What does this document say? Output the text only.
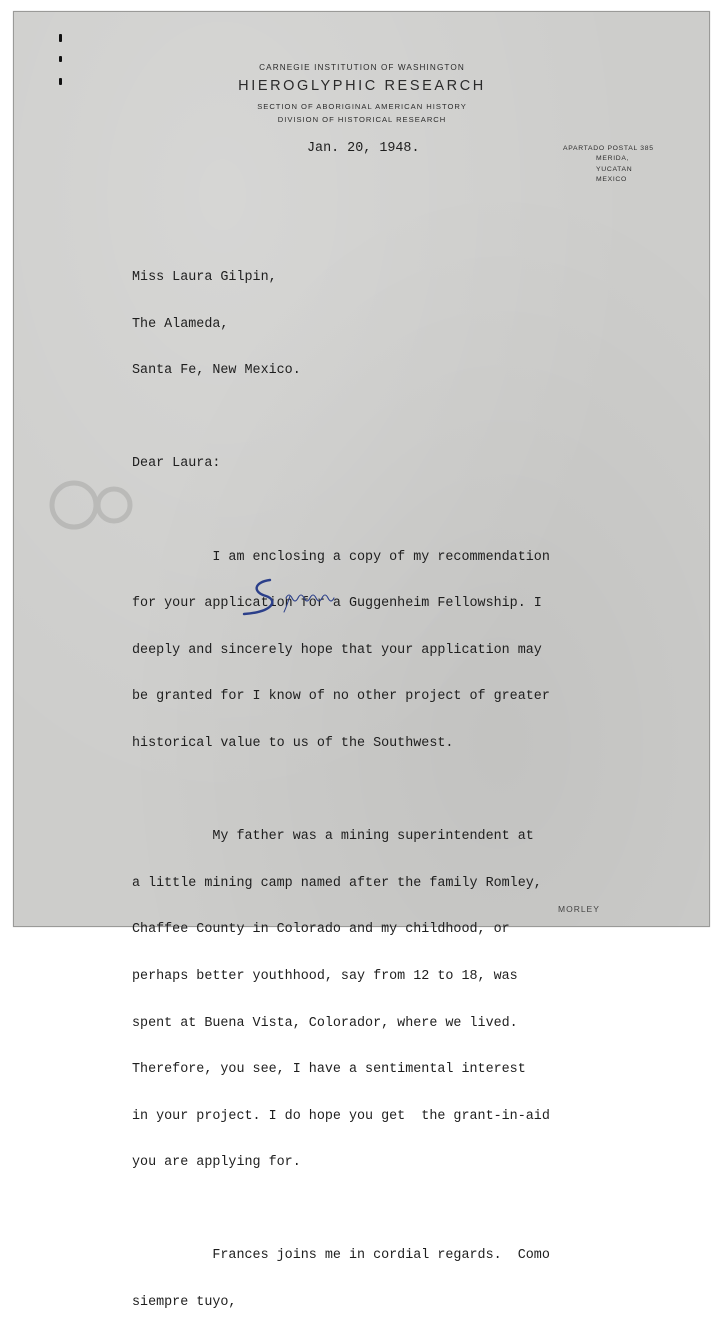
CARNEGIE INSTITUTION OF WASHINGTON
HIEROGLYPHIC RESEARCH
SECTION OF ABORIGINAL AMERICAN HISTORY
DIVISION OF HISTORICAL RESEARCH
APARTADO POSTAL 385
MERIDA,
YUCATAN
MEXICO
Jan. 20, 1948.

Miss Laura Gilpin,

The Alameda,

Santa Fe, New Mexico.

Dear Laura:

I am enclosing a copy of my recommendation

for your application for a Guggenheim Fellowship. I

deeply and sincerely hope that your application may

be granted for I know of no other project of greater

historical value to us of the Southwest.

My father was a mining superintendent at

a little mining camp named after the family Romley,

Chaffee County in Colorado and my childhood, or

perhaps better youthhood, say from 12 to 18, was

spent at Buena Vista, Colorador, where we lived.

Therefore, you see, I have a sentimental interest

in your project. I do hope you get  the grant-in-aid

you are applying for.

Frances joins me in cordial regards.  Como

siempre tuyo,

MORLEY
